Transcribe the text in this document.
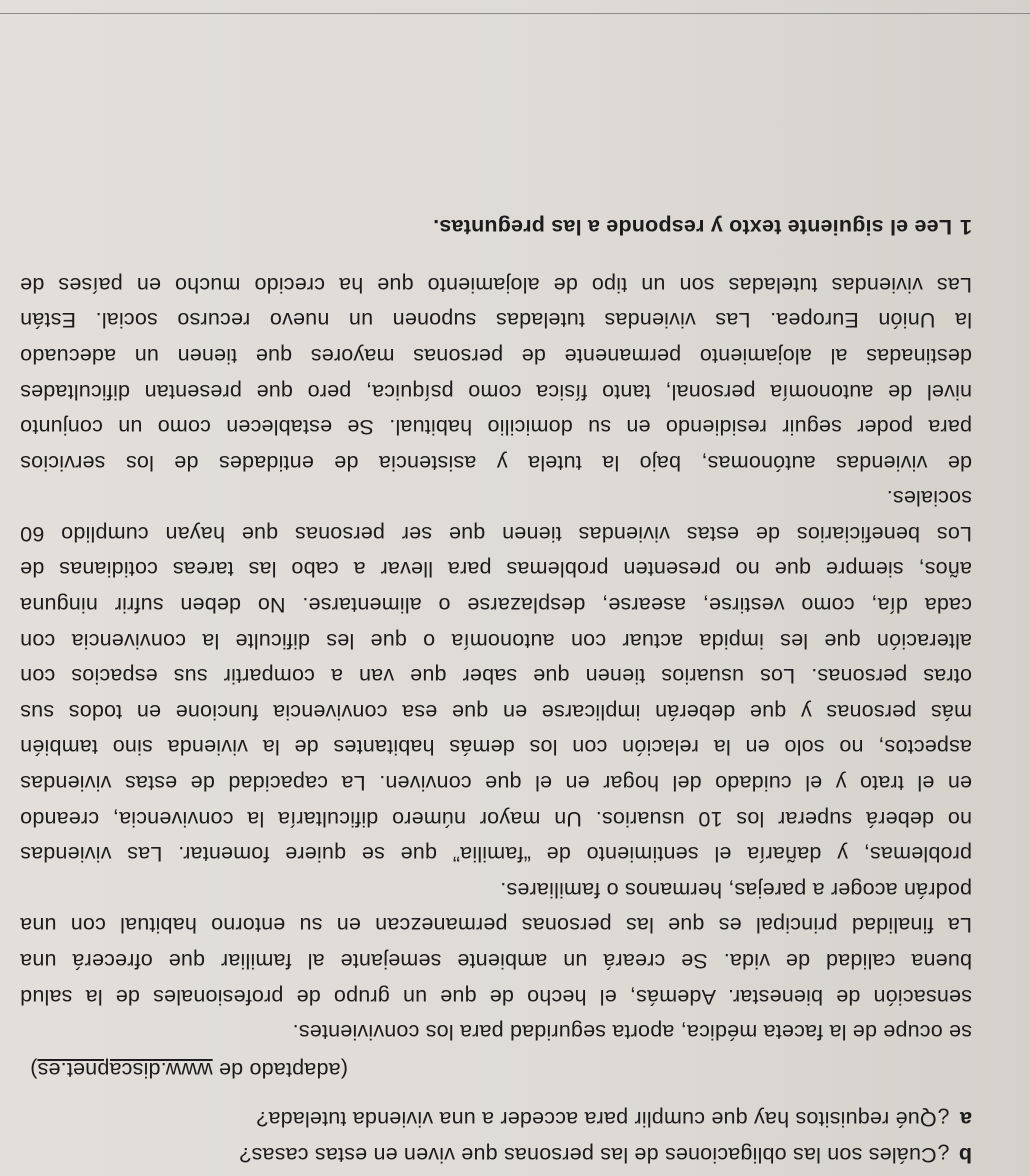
b¿Cuáles son las obligaciones de las personas que viven en estas casas?

a¿Qué requisitos hay que cumplir para acceder a una vivienda tutelada?

(adaptado de www.discapnet.es)

se ocupe de la faceta médica, aporta seguridad para los convivientes.
sensación de bienestar. Además, el hecho de que un grupo de profesionales de la salud
buena calidad de vida. Se creará un ambiente semejante al familiar que ofrecerá una
La finalidad principal es que las personas permanezcan en su entorno habitual con una
podrán acoger a parejas, hermanos o familiares.
problemas, y dañaría el sentimiento de “familia” que se quiere fomentar. Las viviendas
no deberá superar los 10 usuarios. Un mayor número dificultaría la convivencia, creando
en el trato y el cuidado del hogar en el que conviven. La capacidad de estas viviendas
aspectos, no solo en la relación con los demás habitantes de la vivienda sino también
más personas y que deberán implicarse en que esa convivencia funcione en todos sus
otras personas. Los usuarios tienen que saber que van a compartir sus espacios con
alteración que les impida actuar con autonomía o que les dificulte la convivencia con
cada día, como vestirse, asearse, desplazarse o alimentarse. No deben sufrir ninguna
años, siempre que no presenten problemas para llevar a cabo las tareas cotidianas de
Los beneficiarios de estas viviendas tienen que ser personas que hayan cumplido 60
sociales.
de viviendas autónomas, bajo la tutela y asistencia de entidades de los servicios
para poder seguir residiendo en su domicilio habitual. Se establecen como un conjunto
nivel de autonomía personal, tanto física como psíquica, pero que presentan dificultades
destinadas al alojamiento permanente de personas mayores que tienen un adecuado
la Unión Europea. Las viviendas tuteladas suponen un nuevo recurso social. Están
Las viviendas tuteladas son un tipo de alojamiento que ha crecido mucho en países de

1Lee el siguiente texto y responde a las preguntas.
